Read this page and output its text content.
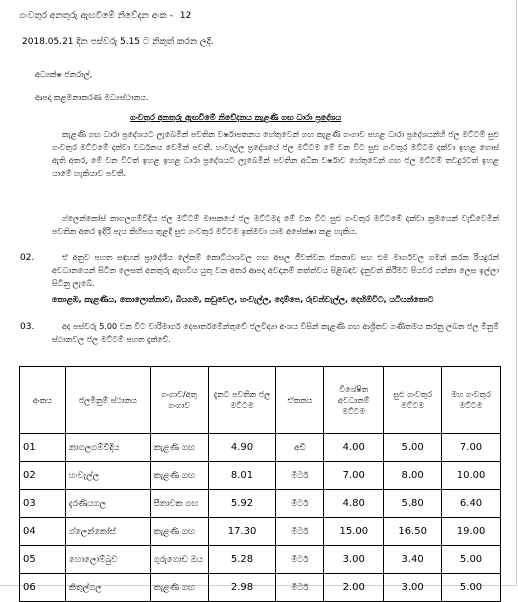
ගංවතුර අනතුරු ඇඟවීමේ නිවේදන අංක - 12
2018.05.21 දින පස්වරු 5.15 ට නිකුත් කරන ලදී.
අධ්‍යක්ෂ ජනරාල්,
ආපදා කළමනාකරණ මධ්‍යස්ථානය.
ගංවතුර අනතුරු ඇඟවීමේ නිවේදනය කැළණි ගඟ ධාරා ප්‍රදේශය
කැළණි ගඟ ධාරා ප්‍රදේශයට ලැබෙමින් පවතින වර්ෂාපතනය හේතුවෙන් ගඟ කැළණි ගංගාව පහළ ධාරා ප්‍රදේශයන්හි ජල මට්ටම් සුළු ගංවතුර මට්ටමේ දක්වා වර්ධනය වෙමින් පවතී. හංවැල්ල ප්‍රදේශයේ ජල මට්ටම මේ වන විට සුළු ගංවතුර මට්ටම දක්වා ඉහළ ගොස් ඇති අතර, මේ වන විටත් ඉහළ ඉහළ ධාරා ප්‍රදේශයට ලැබෙමින් පවතින අධික වර්ෂාව හේතුවෙන් ගඟ ජල මට්ටම් තවදුරටත් ඉහළ යාමේ හැකියාව පවතී.
ග්ලෙන්කෝස් නාගලගම්වීදිය ජල මට්ටම් මාපකයේ ජල මට්ටමද මේ වන විට සුළු ගංවතුර මට්ටමේ දක්වා ක්‍රමයෙන් වැඩිවෙමින් පවතින අතර ඉදිරි පැය කිහිපය තුළදී සුළු ගංවතුර මට්ටම ඉක්මවා යාම අපේක්ෂා කළ හැකිය.
02.	ඒ අනුව පහත සඳහන් ප්‍රාදේශීය ලේකම් කොට්ඨාශවල ගඟ අසල ජීවත්වන ජනතාව සහ එම මාර්ගවල ගමන් කරන රියදුරන් අවධානයෙන් සිටින ලෙසත් අනතුරු ඇඟවිය යුතු වන අතර ආපදා අවදානම් තත්ත්වය පිළිබඳව දැනුවත් කිරීමට පියවර ගන්නා ලෙස ඉල්ලා සිටිනු ලැබේ.
කොළඹ, කැළණිය, කොලොන්නාව, බියගම, කඩුවෙල, හංවැල්ල, දොම්පෙ, රුවන්වැල්ල, දෙහිඕවිට, යටියන්තොට
03.	අද පස්වරු 5.00 වන විට වාරිමාර්ග දෙපාර්තමේන්තුවේ ජලවිද්‍යා අංශය විසින් කැළණි ගඟ ආශ්‍රිතව ගණිතමය කරනු ලබන ජල මිනුම් ස්ථානවල ජල මට්ටම් පහත දැක්වේ.
අංකය	ජලමිනුම් ස්ථානය	ගංගාව/අතු ගංගාව	දැනට පවතින ජල මට්ටම	ඒකකය	විශේෂිත අවධානම් මට්ටම	සුළු ගංවතුර මට්ටම	මහ ගංවතුර මට්ටම
01	නාගලගම්වීදිය	කැළණි ගඟ	4.90	අඩි	4.00	5.00	7.00
02	හංවැල්ල	කැළණි ගඟ	8.01	මීටර්	7.00	8.00	10.00
03	දැරණියගල	සීතාවක ගඟ	5.92	මීටර්	4.80	5.80	6.40
04	ග්ලෙන්කෝස්	කැළණි ගඟ	17.30	මීටර්	15.00	16.50	19.00
05	හොලොම්බුව	ගුරුගොඩ ඔය	5.28	මීටර්	3.00	3.40	5.00
06	කිතුල්ගල	කැළණි ගඟ	2.98	මීටර්	2.00	3.00	5.00
